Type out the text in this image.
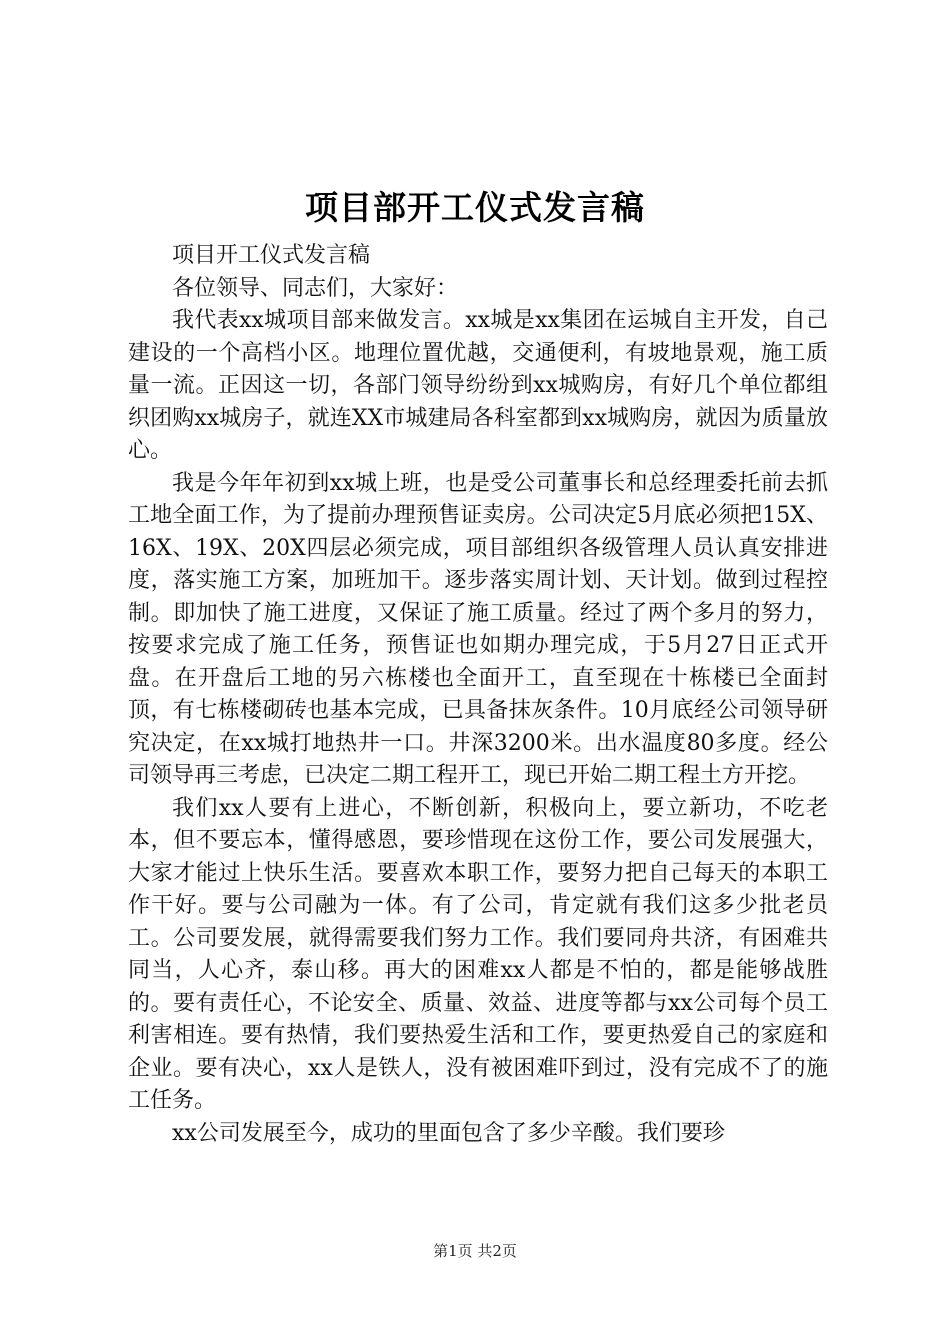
项目部开工仪式发言稿

项目开工仪式发言稿

各位领导、同志们，大家好：

我代表xx城项目部来做发言。xx城是xx集团在运城自主开发，自己建设的一个高档小区。地理位置优越，交通便利，有坡地景观，施工质量一流。正因这一切，各部门领导纷纷到xx城购房，有好几个单位都组织团购xx城房子，就连XX市城建局各科室都到xx城购房，就因为质量放心。

我是今年年初到xx城上班，也是受公司董事长和总经理委托前去抓工地全面工作，为了提前办理预售证卖房。公司决定5月底必须把15X、16X、19X、20X四层必须完成，项目部组织各级管理人员认真安排进度，落实施工方案，加班加干。逐步落实周计划、天计划。做到过程控制。即加快了施工进度，又保证了施工质量。经过了两个多月的努力，按要求完成了施工任务，预售证也如期办理完成，于5月27日正式开盘。在开盘后工地的另六栋楼也全面开工，直至现在十栋楼已全面封顶，有七栋楼砌砖也基本完成，已具备抹灰条件。10月底经公司领导研究决定，在xx城打地热井一口。井深3200米。出水温度80多度。经公司领导再三考虑，已决定二期工程开工，现已开始二期工程土方开挖。

我们xx人要有上进心，不断创新，积极向上，要立新功，不吃老本，但不要忘本，懂得感恩，要珍惜现在这份工作，要公司发展强大，大家才能过上快乐生活。要喜欢本职工作，要努力把自己每天的本职工作干好。要与公司融为一体。有了公司，肯定就有我们这多少批老员工。公司要发展，就得需要我们努力工作。我们要同舟共济，有困难共同当，人心齐，泰山移。再大的困难xx人都是不怕的，都是能够战胜的。要有责任心，不论安全、质量、效益、进度等都与xx公司每个员工利害相连。要有热情，我们要热爱生活和工作，要更热爱自己的家庭和企业。要有决心，xx人是铁人，没有被困难吓到过，没有完成不了的施工任务。

xx公司发展至今，成功的里面包含了多少辛酸。我们要珍

第1页 共2页
